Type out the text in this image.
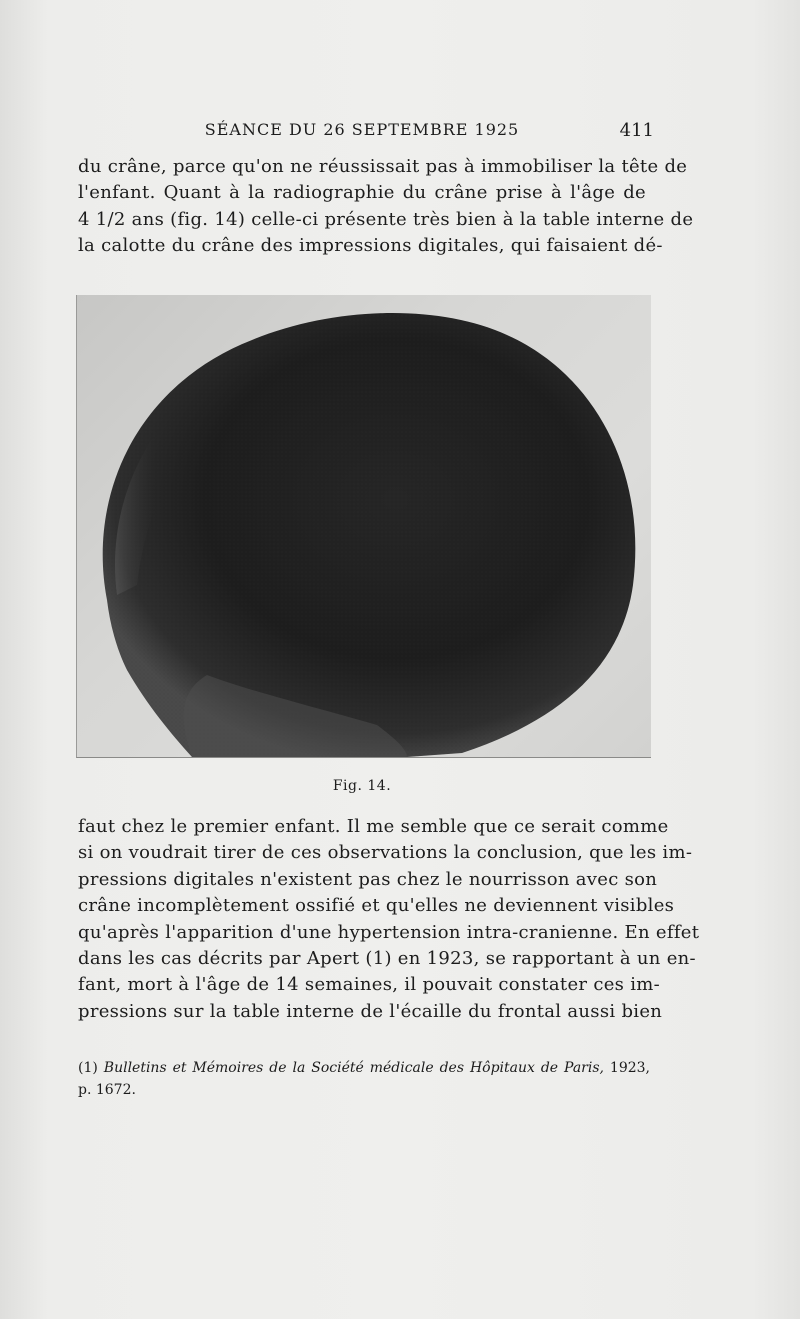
SÉANCE DU 26 SEPTEMBRE 1925	411
du crâne, parce qu'on ne réussissait pas à immobiliser la tête de
l'enfant. Quant à la radiographie du crâne prise à l'âge de
4 1/2 ans (fig. 14) celle-ci présente très bien à la table interne de
la calotte du crâne des impressions digitales, qui faisaient dé-
Fig. 14.
faut chez le premier enfant. Il me semble que ce serait comme
si on voudrait tirer de ces observations la conclusion, que les im-
pressions digitales n'existent pas chez le nourrisson avec son
crâne incomplètement ossifié et qu'elles ne deviennent visibles
qu'après l'apparition d'une hypertension intra-cranienne. En effet
dans les cas décrits par Apert (1) en 1923, se rapportant à un en-
fant, mort à l'âge de 14 semaines, il pouvait constater ces im-
pressions sur la table interne de l'écaille du frontal aussi bien
(1) Bulletins et Mémoires de la Société médicale des Hôpitaux de Paris, 1923,
p. 1672.
